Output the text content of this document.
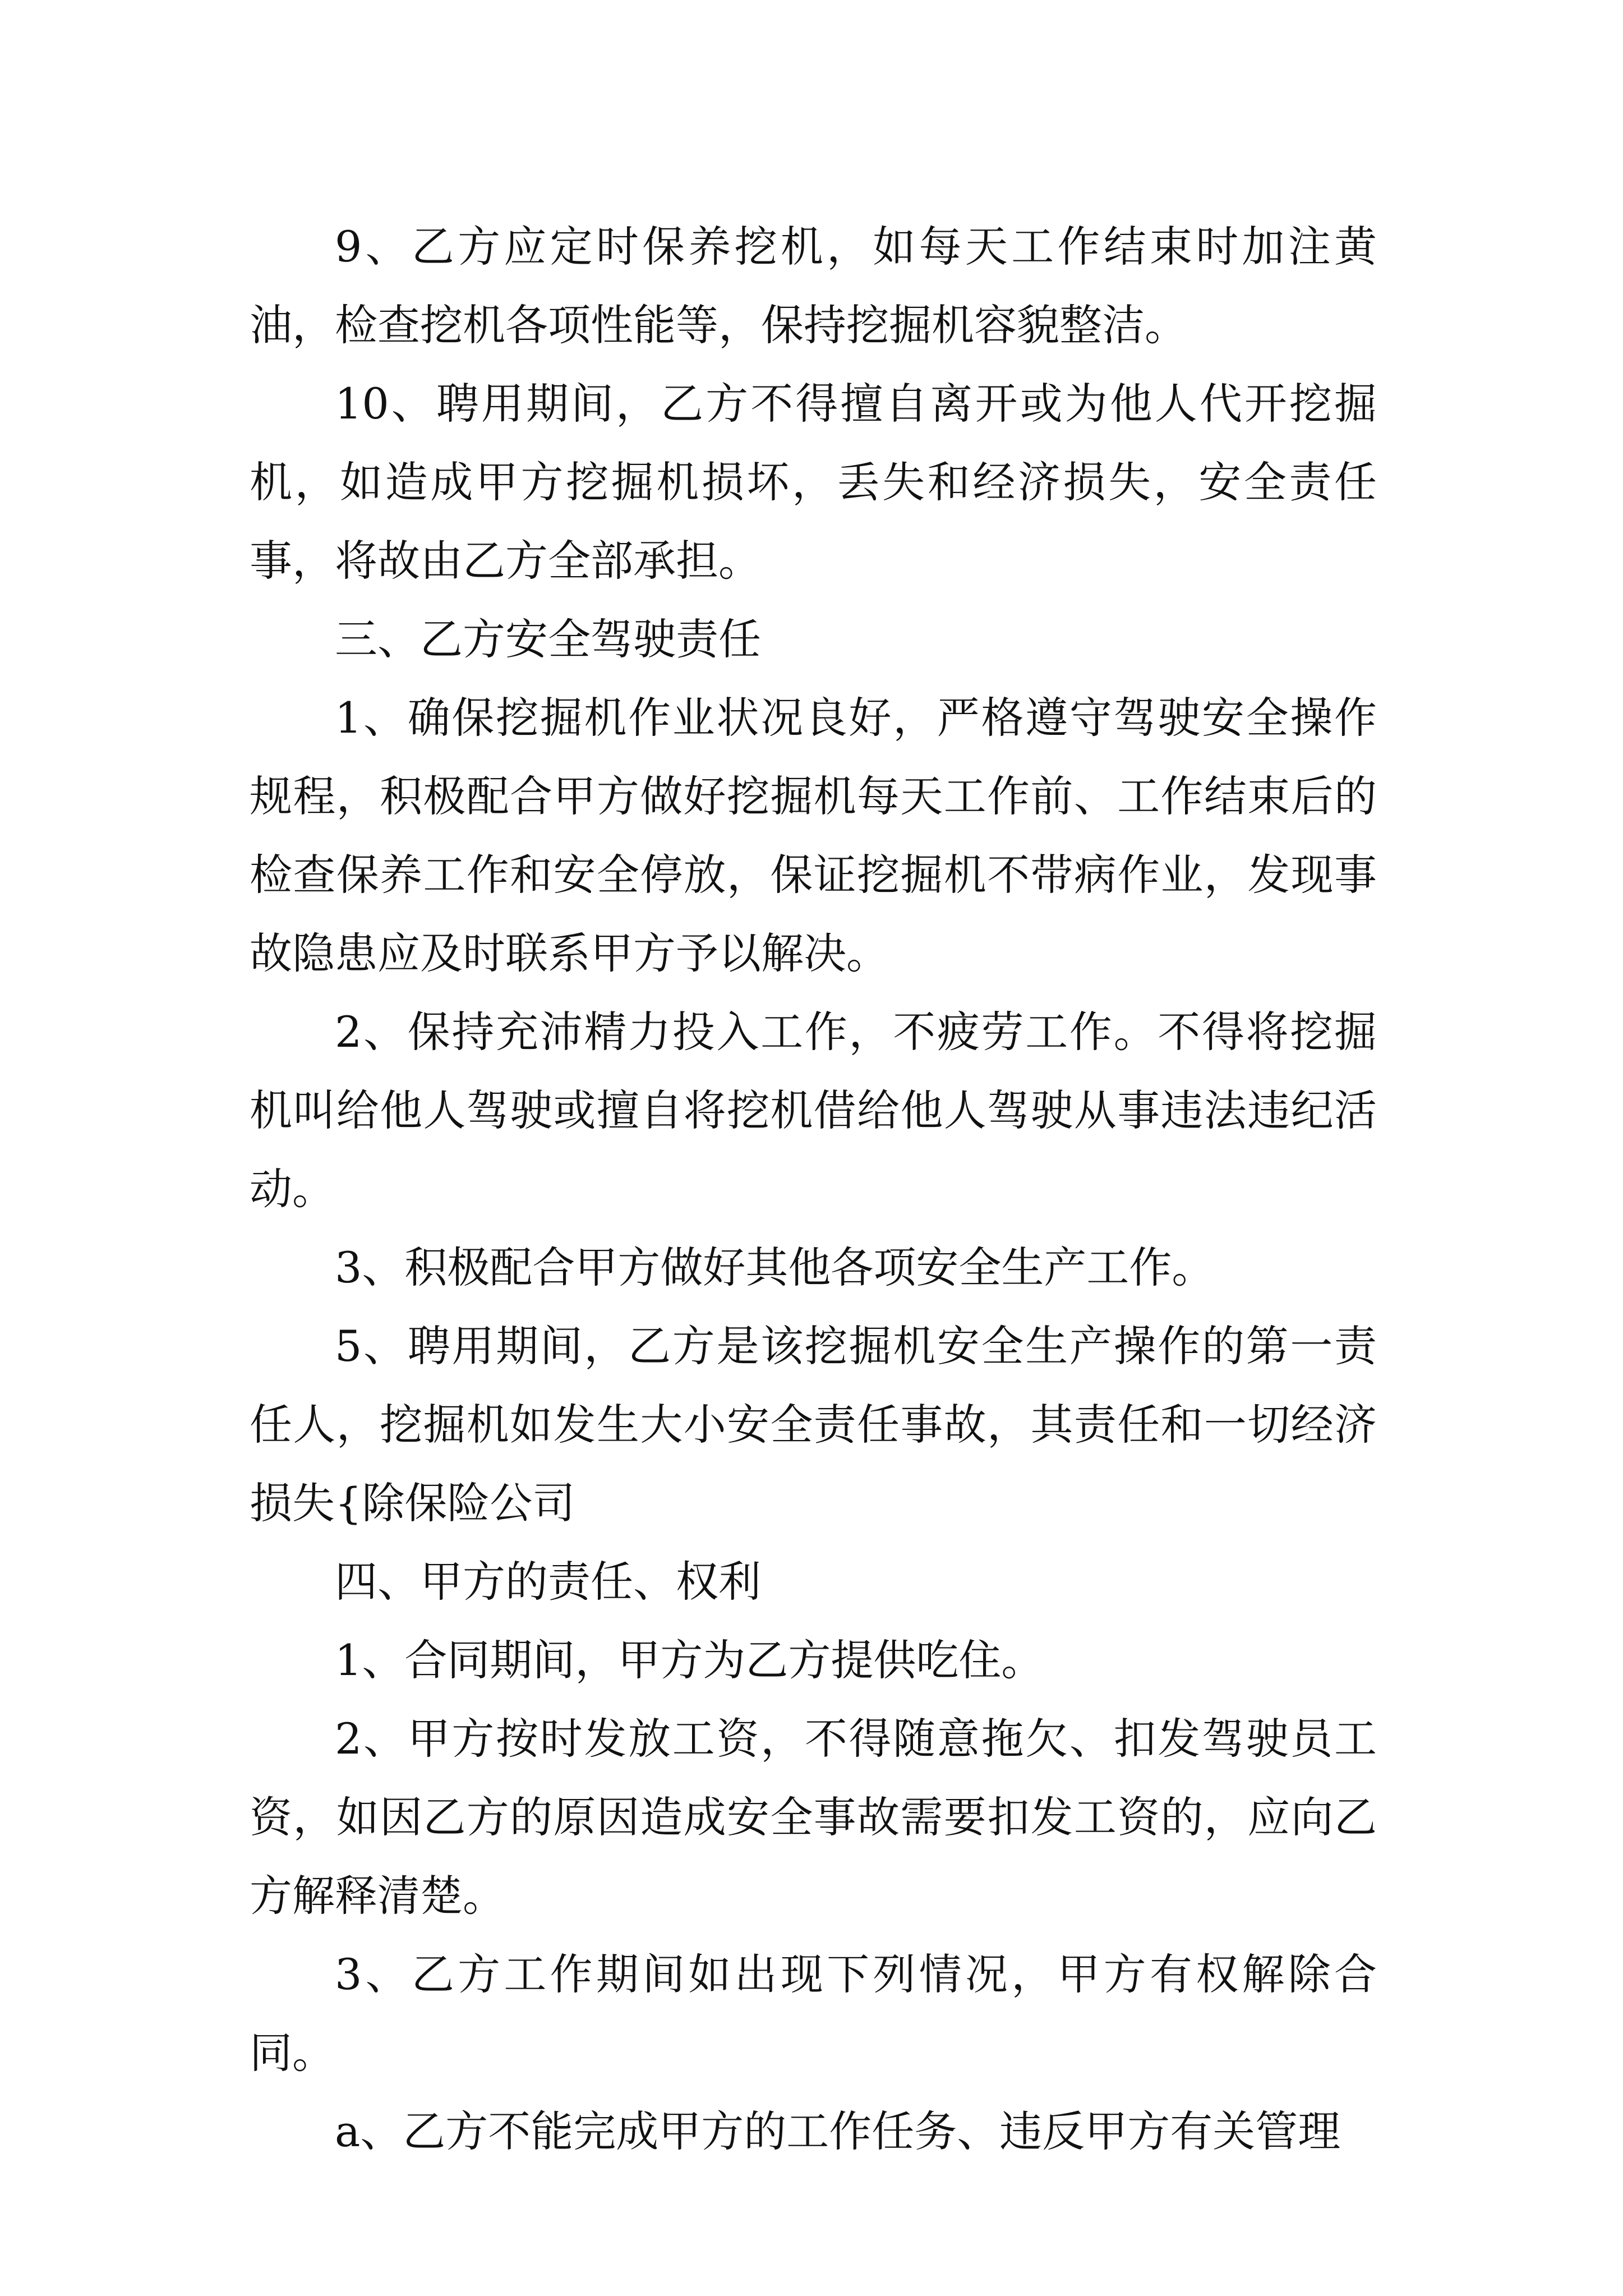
9、乙方应定时保养挖机，如每天工作结束时加注黄油，检查挖机各项性能等，保持挖掘机容貌整洁。

10、聘用期间，乙方不得擅自离开或为他人代开挖掘机，如造成甲方挖掘机损坏，丢失和经济损失，安全责任事，将故由乙方全部承担。

三、乙方安全驾驶责任

1、确保挖掘机作业状况良好，严格遵守驾驶安全操作规程，积极配合甲方做好挖掘机每天工作前、工作结束后的检查保养工作和安全停放，保证挖掘机不带病作业，发现事故隐患应及时联系甲方予以解决。

2、保持充沛精力投入工作，不疲劳工作。不得将挖掘机叫给他人驾驶或擅自将挖机借给他人驾驶从事违法违纪活动。

3、积极配合甲方做好其他各项安全生产工作。

5、聘用期间，乙方是该挖掘机安全生产操作的第一责任人，挖掘机如发生大小安全责任事故，其责任和一切经济损失{除保险公司

四、甲方的责任、权利

1、合同期间，甲方为乙方提供吃住。

2、甲方按时发放工资，不得随意拖欠、扣发驾驶员工资，如因乙方的原因造成安全事故需要扣发工资的，应向乙方解释清楚。

3、乙方工作期间如出现下列情况，甲方有权解除合同。

a、乙方不能完成甲方的工作任务、违反甲方有关管理
